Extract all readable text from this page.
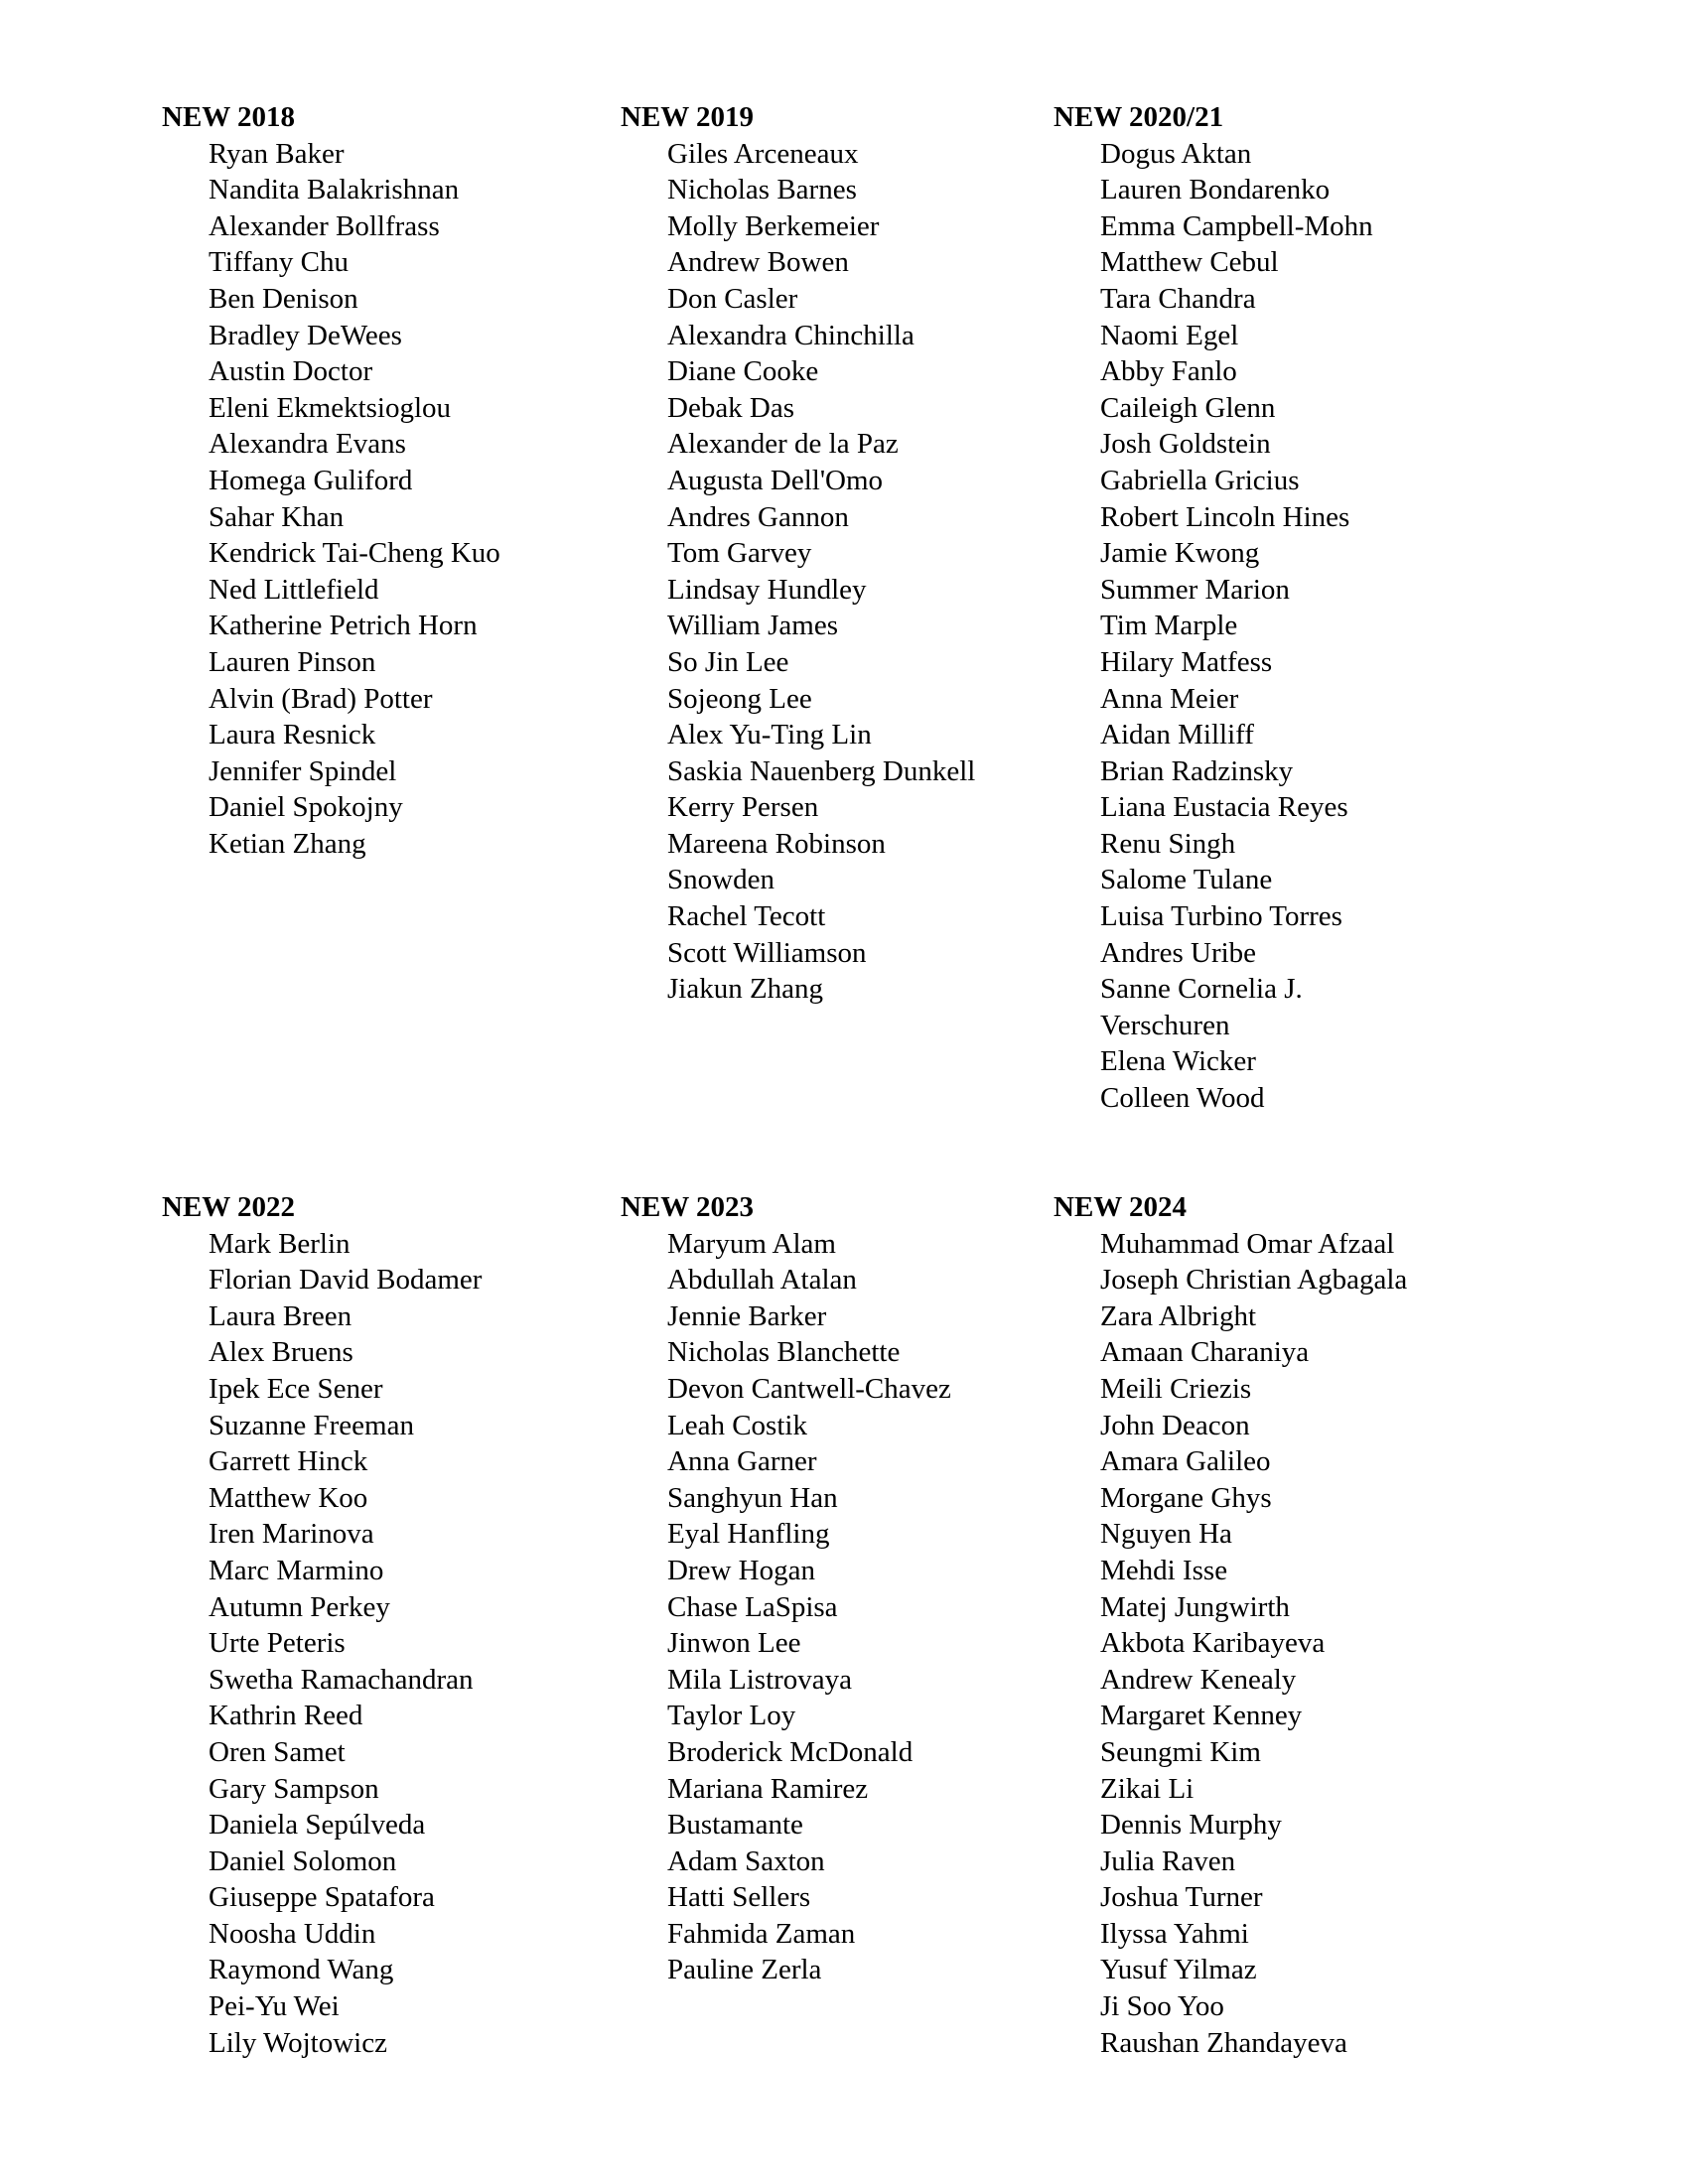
NEW 2018
Ryan Baker
Nandita Balakrishnan
Alexander Bollfrass
Tiffany Chu
Ben Denison
Bradley DeWees
Austin Doctor
Eleni Ekmektsioglou
Alexandra Evans
Homega Guliford
Sahar Khan
Kendrick Tai-Cheng Kuo
Ned Littlefield
Katherine Petrich Horn
Lauren Pinson
Alvin (Brad) Potter
Laura Resnick
Jennifer Spindel
Daniel Spokojny
Ketian Zhang
NEW 2019
Giles Arceneaux
Nicholas Barnes
Molly Berkemeier
Andrew Bowen
Don Casler
Alexandra Chinchilla
Diane Cooke
Debak Das
Alexander de la Paz
Augusta Dell'Omo
Andres Gannon
Tom Garvey
Lindsay Hundley
William James
So Jin Lee
Sojeong Lee
Alex Yu-Ting Lin
Saskia Nauenberg Dunkell
Kerry Persen
Mareena Robinson
Snowden
Rachel Tecott
Scott Williamson
Jiakun Zhang
NEW 2020/21
Dogus Aktan
Lauren Bondarenko
Emma Campbell-Mohn
Matthew Cebul
Tara Chandra
Naomi Egel
Abby Fanlo
Caileigh Glenn
Josh Goldstein
Gabriella Gricius
Robert Lincoln Hines
Jamie Kwong
Summer Marion
Tim Marple
Hilary Matfess
Anna Meier
Aidan Milliff
Brian Radzinsky
Liana Eustacia Reyes
Renu Singh
Salome Tulane
Luisa Turbino Torres
Andres Uribe
Sanne Cornelia J.
Verschuren
Elena Wicker
Colleen Wood
NEW 2022
Mark Berlin
Florian David Bodamer
Laura Breen
Alex Bruens
Ipek Ece Sener
Suzanne Freeman
Garrett Hinck
Matthew Koo
Iren Marinova
Marc Marmino
Autumn Perkey
Urte Peteris
Swetha Ramachandran
Kathrin Reed
Oren Samet
Gary Sampson
Daniela Sepúlveda
Daniel Solomon
Giuseppe Spatafora
Noosha Uddin
Raymond Wang
Pei-Yu Wei
Lily Wojtowicz
NEW 2023
Maryum Alam
Abdullah Atalan
Jennie Barker
Nicholas Blanchette
Devon Cantwell-Chavez
Leah Costik
Anna Garner
Sanghyun Han
Eyal Hanfling
Drew Hogan
Chase LaSpisa
Jinwon Lee
Mila Listrovaya
Taylor Loy
Broderick McDonald
Mariana Ramirez
Bustamante
Adam Saxton
Hatti Sellers
Fahmida Zaman
Pauline Zerla
NEW 2024
Muhammad Omar Afzaal
Joseph Christian Agbagala
Zara Albright
Amaan Charaniya
Meili Criezis
John Deacon
Amara Galileo
Morgane Ghys
Nguyen Ha
Mehdi Isse
Matej Jungwirth
Akbota Karibayeva
Andrew Kenealy
Margaret Kenney
Seungmi Kim
Zikai Li
Dennis Murphy
Julia Raven
Joshua Turner
Ilyssa Yahmi
Yusuf Yilmaz
Ji Soo Yoo
Raushan Zhandayeva
